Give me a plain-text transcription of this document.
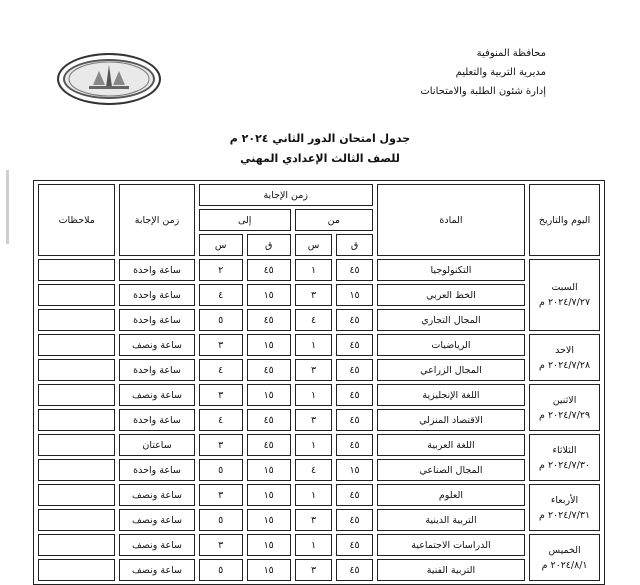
محافظة المنوفية
مديرية التربية والتعليم
إدارة شئون الطلبة والامتحانات
جدول امتحان الدور الثاني ٢٠٢٤ م
للصف الثالث الإعدادي المهني
اليوم والتاريخ	المادة	زمن الإجابة				زمن الإجابة	ملاحظات
		من		إلى			
		ق	س	ق	س		

السبت
٢٠٢٤/٧/٢٧ م	التكنولوجيا	٤٥	١	٤٥	٢	ساعة واحدة	
	الخط العربي	١٥	٣	١٥	٤	ساعة واحدة	
	المجال التجاري	٤٥	٤	٤٥	٥	ساعة واحدة	

الاحد
٢٠٢٤/٧/٢٨ م	الرياضيات	٤٥	١	١٥	٣	ساعة ونصف	
	المجال الزراعي	٤٥	٣	٤٥	٤	ساعة واحدة	

الاثنين
٢٠٢٤/٧/٢٩ م	اللغة الإنجليزية	٤٥	١	١٥	٣	ساعة ونصف	
	الاقتصاد المنزلي	٤٥	٣	٤٥	٤	ساعة واحدة	

الثلاثاء
٢٠٢٤/٧/٣٠ م	اللغة العربية	٤٥	١	٤٥	٣	ساعتان	
	المجال الصناعي	١٥	٤	١٥	٥	ساعة واحدة	

الأربعاء
٢٠٢٤/٧/٣١ م	العلوم	٤٥	١	١٥	٣	ساعة ونصف	
	التربية الدينية	٤٥	٣	١٥	٥	ساعة ونصف	

الخميس
٢٠٢٤/٨/١ م	الدراسات الاجتماعية	٤٥	١	١٥	٣	ساعة ونصف	
	التربية الفنية	٤٥	٣	١٥	٥	ساعة ونصف	
